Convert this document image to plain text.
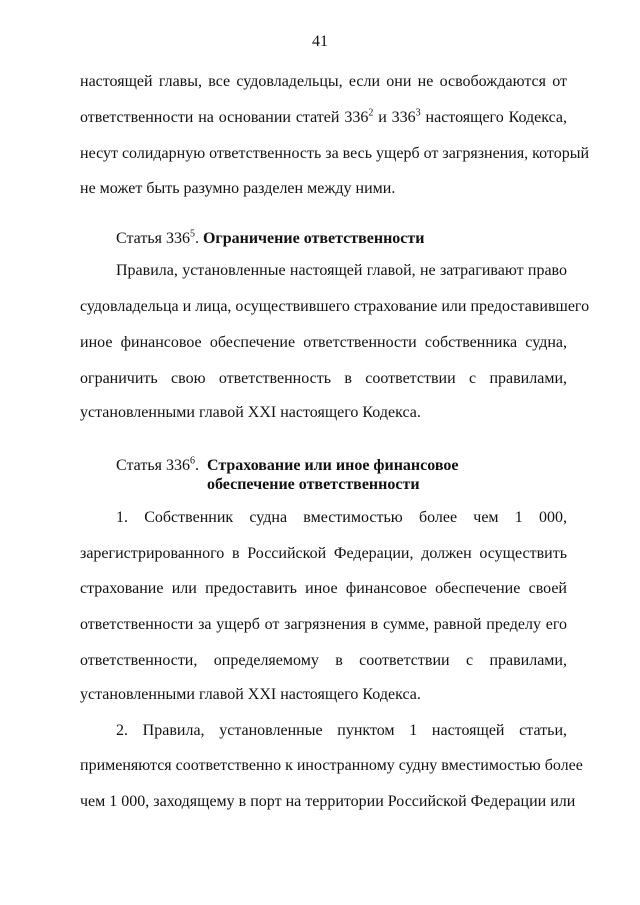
41
настоящей главы, все судовладельцы, если они не освобождаются от
ответственности на основании статей $336^2$ и $336^3$ настоящего Кодекса,
несут солидарную ответственность за весь ущерб от загрязнения, который
не может быть разумно разделен между ними.
Статья $336^5$. Ограничение ответственности
Правила, установленные настоящей главой, не затрагивают право
судовладельца и лица, осуществившего страхование или предоставившего
иное финансовое обеспечение ответственности собственника судна,
ограничить свою ответственность в соответствии с правилами,
установленными главой XXI настоящего Кодекса.
Статья $336^6$. Страхование или иное финансовое
обеспечение ответственности
1. Собственник судна вместимостью более чем 1 000,
зарегистрированного в Российской Федерации, должен осуществить
страхование или предоставить иное финансовое обеспечение своей
ответственности за ущерб от загрязнения в сумме, равной пределу его
ответственности, определяемому в соответствии с правилами,
установленными главой XXI настоящего Кодекса.
2. Правила, установленные пунктом 1 настоящей статьи,
применяются соответственно к иностранному судну вместимостью более
чем 1 000, заходящему в порт на территории Российской Федерации или
